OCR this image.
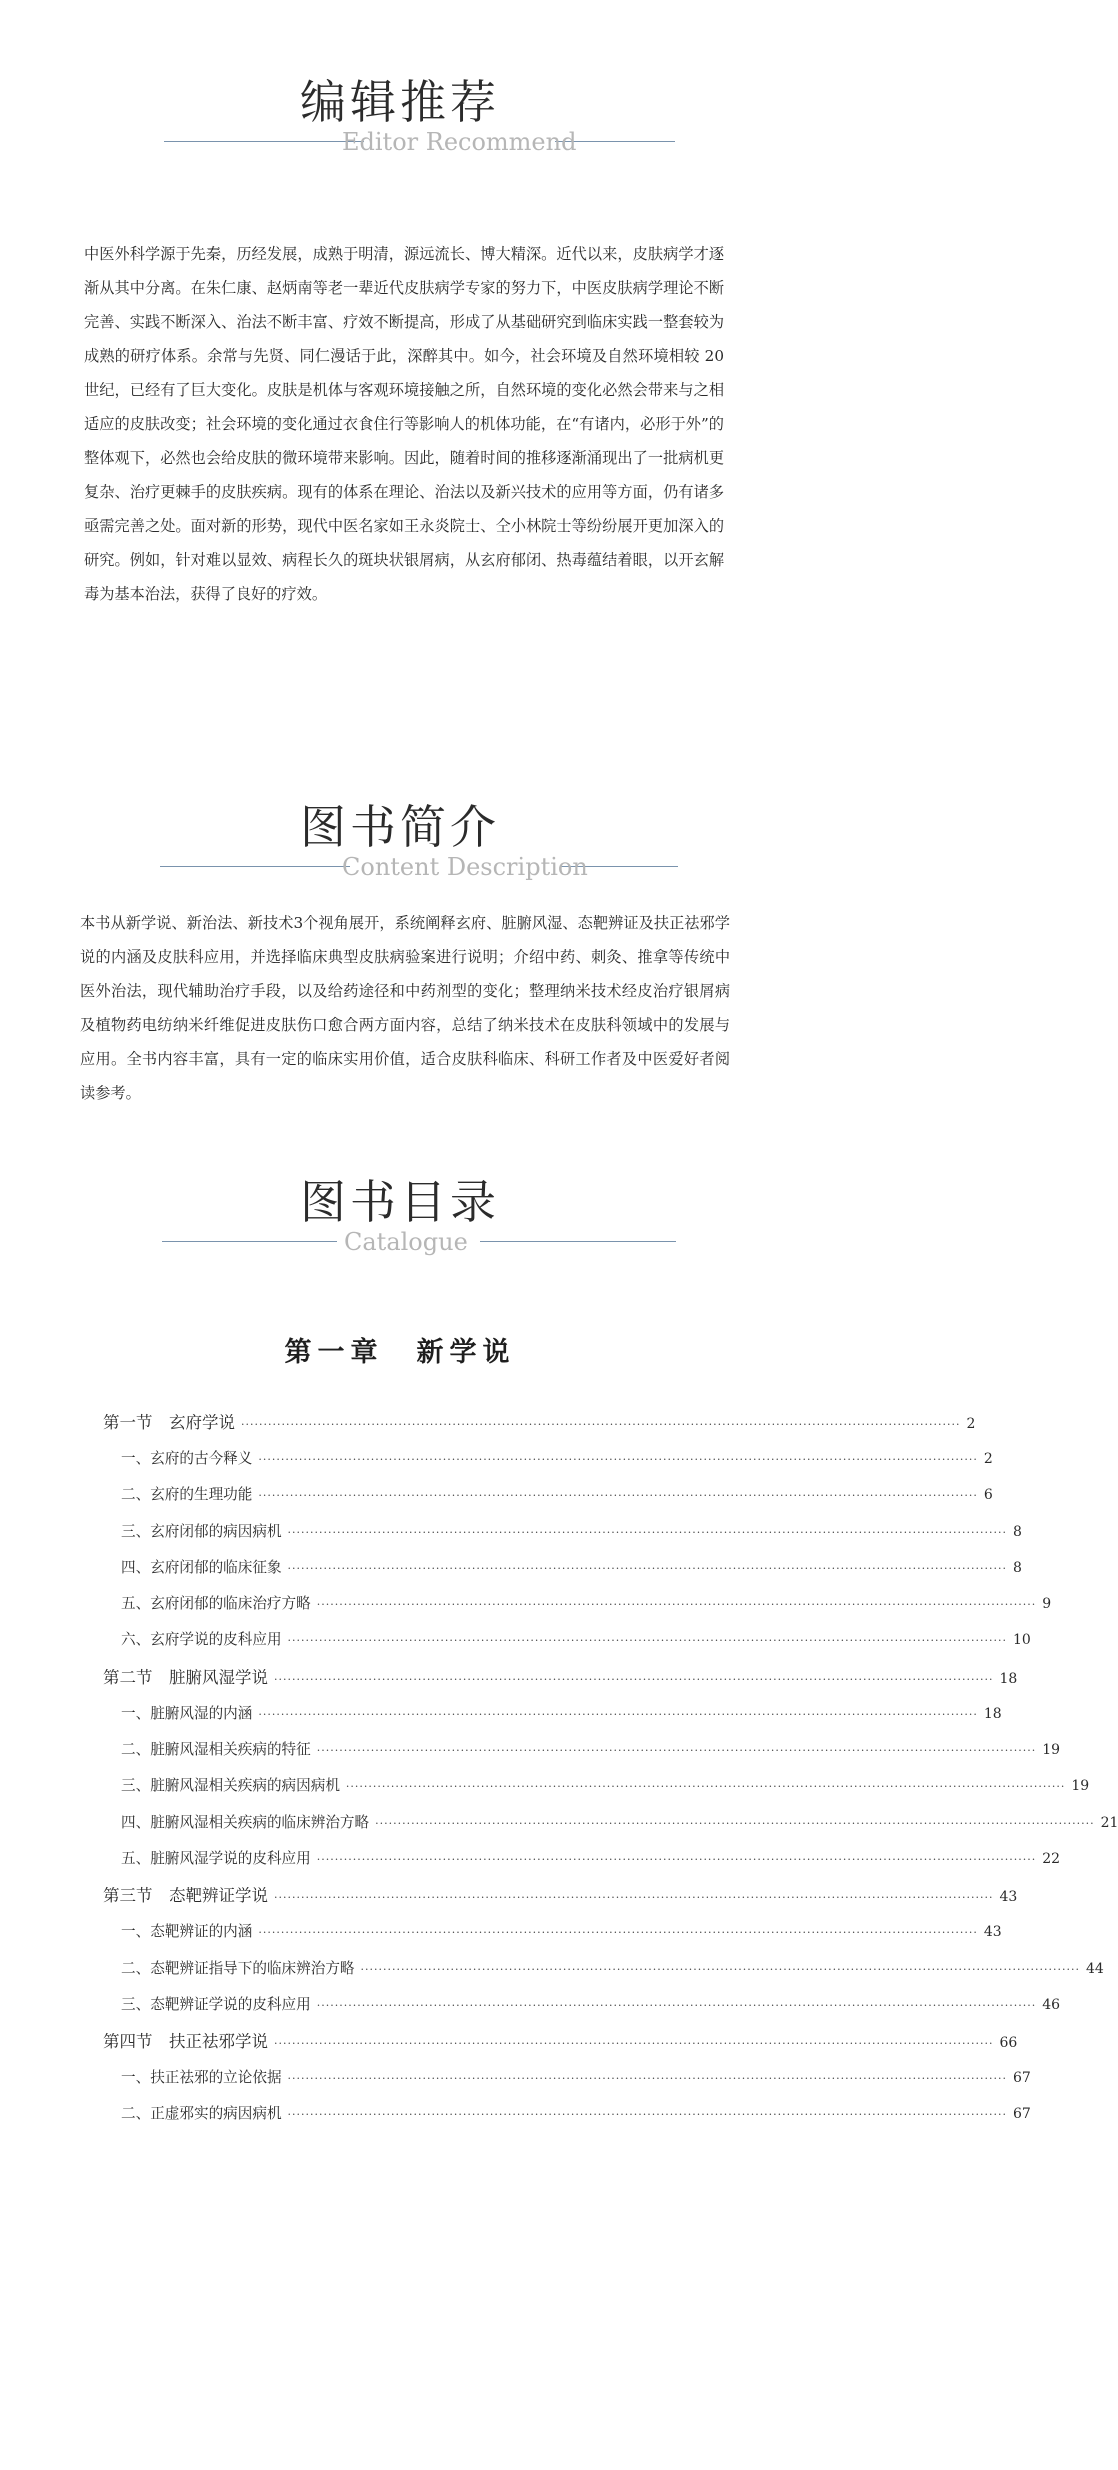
编辑推荐
Editor Recommend
中医外科学源于先秦，历经发展，成熟于明清，源远流长、博大精深。近代以来，皮肤病学才逐渐从其中分离。在朱仁康、赵炳南等老一辈近代皮肤病学专家的努力下，中医皮肤病学理论不断完善、实践不断深入、治法不断丰富、疗效不断提高，形成了从基础研究到临床实践一整套较为成熟的研疗体系。余常与先贤、同仁漫话于此，深醉其中。如今，社会环境及自然环境相较 20世纪，已经有了巨大变化。皮肤是机体与客观环境接触之所，自然环境的变化必然会带来与之相适应的皮肤改变；社会环境的变化通过衣食住行等影响人的机体功能，在“有诸内，必形于外”的整体观下，必然也会给皮肤的微环境带来影响。因此，随着时间的推移逐渐涌现出了一批病机更复杂、治疗更棘手的皮肤疾病。现有的体系在理论、治法以及新兴技术的应用等方面，仍有诸多亟需完善之处。面对新的形势，现代中医名家如王永炎院士、仝小林院士等纷纷展开更加深入的研究。例如，针对难以显效、病程长久的斑块状银屑病，从玄府郁闭、热毒蕴结着眼，以开玄解毒为基本治法，获得了良好的疗效。
图书简介
Content Description
本书从新学说、新治法、新技术3个视角展开，系统阐释玄府、脏腑风湿、态靶辨证及扶正祛邪学说的内涵及皮肤科应用，并选择临床典型皮肤病验案进行说明；介绍中药、刺灸、推拿等传统中医外治法，现代辅助治疗手段，以及给药途径和中药剂型的变化；整理纳米技术经皮治疗银屑病及植物药电纺纳米纤维促进皮肤伤口愈合两方面内容，总结了纳米技术在皮肤科领域中的发展与应用。全书内容丰富，具有一定的临床实用价值，适合皮肤科临床、科研工作者及中医爱好者阅读参考。
图书目录
Catalogue
第一章　新学说
第一节　玄府学说 ································································································································································ 2
一、玄府的古今释义 ································································································································································ 2
二、玄府的生理功能 ································································································································································ 6
三、玄府闭郁的病因病机 ································································································································································ 8
四、玄府闭郁的临床征象 ································································································································································ 8
五、玄府闭郁的临床治疗方略 ································································································································································ 9
六、玄府学说的皮科应用 ································································································································································ 10
第二节　脏腑风湿学说 ································································································································································ 18
一、脏腑风湿的内涵 ································································································································································ 18
二、脏腑风湿相关疾病的特征 ································································································································································ 19
三、脏腑风湿相关疾病的病因病机 ································································································································································ 19
四、脏腑风湿相关疾病的临床辨治方略 ································································································································································ 21
五、脏腑风湿学说的皮科应用 ································································································································································ 22
第三节　态靶辨证学说 ································································································································································ 43
一、态靶辨证的内涵 ································································································································································ 43
二、态靶辨证指导下的临床辨治方略 ································································································································································ 44
三、态靶辨证学说的皮科应用 ································································································································································ 46
第四节　扶正祛邪学说 ································································································································································ 66
一、扶正祛邪的立论依据 ································································································································································ 67
二、正虚邪实的病因病机 ································································································································································ 67
